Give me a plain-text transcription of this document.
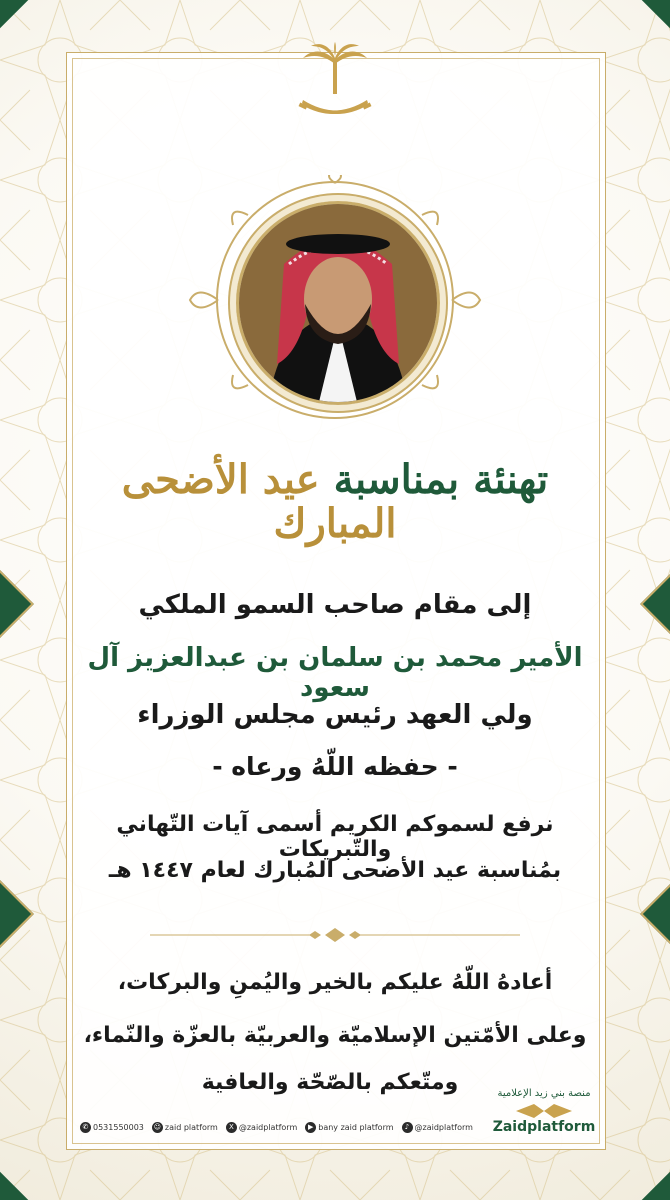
تهنئة بمناسبة عيد الأضحى المبارك
إلى مقام صاحب السمو الملكي
الأمير محمد بن سلمان بن عبدالعزيز آل سعود
ولي العهد رئيس مجلس الوزراء
- حفظه اللّهُ ورعاه -
نرفع لسموكم الكريم أسمى آيات التّهاني والتّبريكات
بمُناسبة عيد الأضحى المُبارك لعام ١٤٤٧ هـ
أعادهُ اللّهُ عليكم بالخير واليُمنِ والبركات،
وعلى الأمّتين الإسلاميّة والعربيّة بالعزّة والنّماء،
ومتّعكم بالصّحّة والعافية	منصة بني زيد الإعلامية
Zaidplatform
✆ 0531550003 ☺ zaid platform	X @zaidplatform	▶ bany zaid platform	♪ @zaidplatform
